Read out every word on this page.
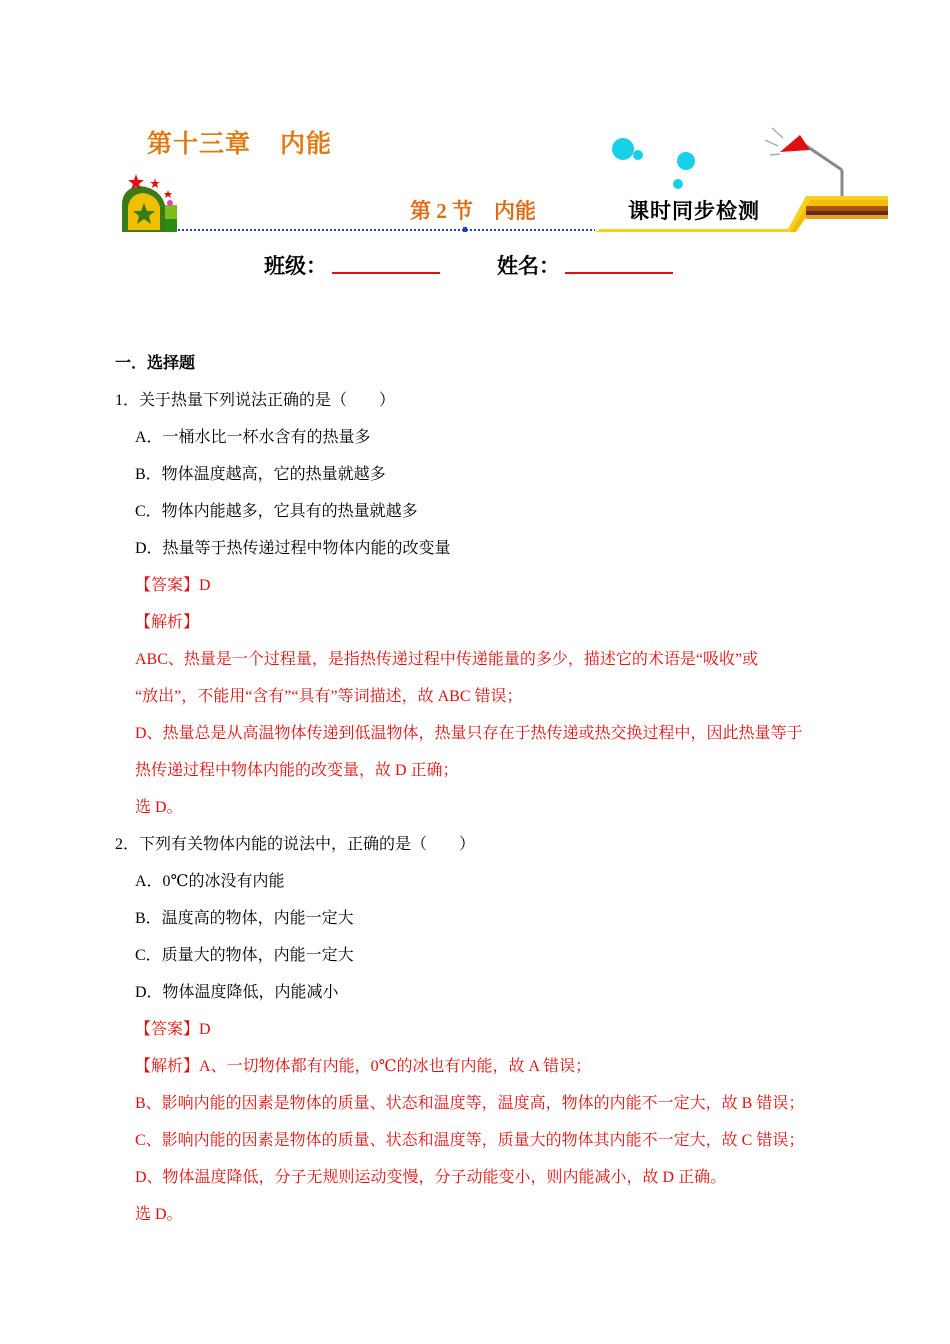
第十三章    内能
第 2 节    内能	课时同步检测
班级：	姓名：
一．选择题
1．关于热量下列说法正确的是（　　）
A．一桶水比一杯水含有的热量多
B．物体温度越高，它的热量就越多
C．物体内能越多，它具有的热量就越多
D．热量等于热传递过程中物体内能的改变量
【答案】D
【解析】
ABC、热量是一个过程量，是指热传递过程中传递能量的多少，描述它的术语是“吸收”或
“放出”，不能用“含有”“具有”等词描述，故 ABC 错误；
D、热量总是从高温物体传递到低温物体，热量只存在于热传递或热交换过程中，因此热量等于
热传递过程中物体内能的改变量，故 D 正确；
选 D。
2．下列有关物体内能的说法中，正确的是（　　）
A．0℃的冰没有内能
B．温度高的物体，内能一定大
C．质量大的物体，内能一定大
D．物体温度降低，内能减小
【答案】D
【解析】A、一切物体都有内能，0℃的冰也有内能，故 A 错误；
B、影响内能的因素是物体的质量、状态和温度等，温度高，物体的内能不一定大，故 B 错误；
C、影响内能的因素是物体的质量、状态和温度等，质量大的物体其内能不一定大，故 C 错误；
D、物体温度降低，分子无规则运动变慢，分子动能变小，则内能减小，故 D 正确。
选 D。
